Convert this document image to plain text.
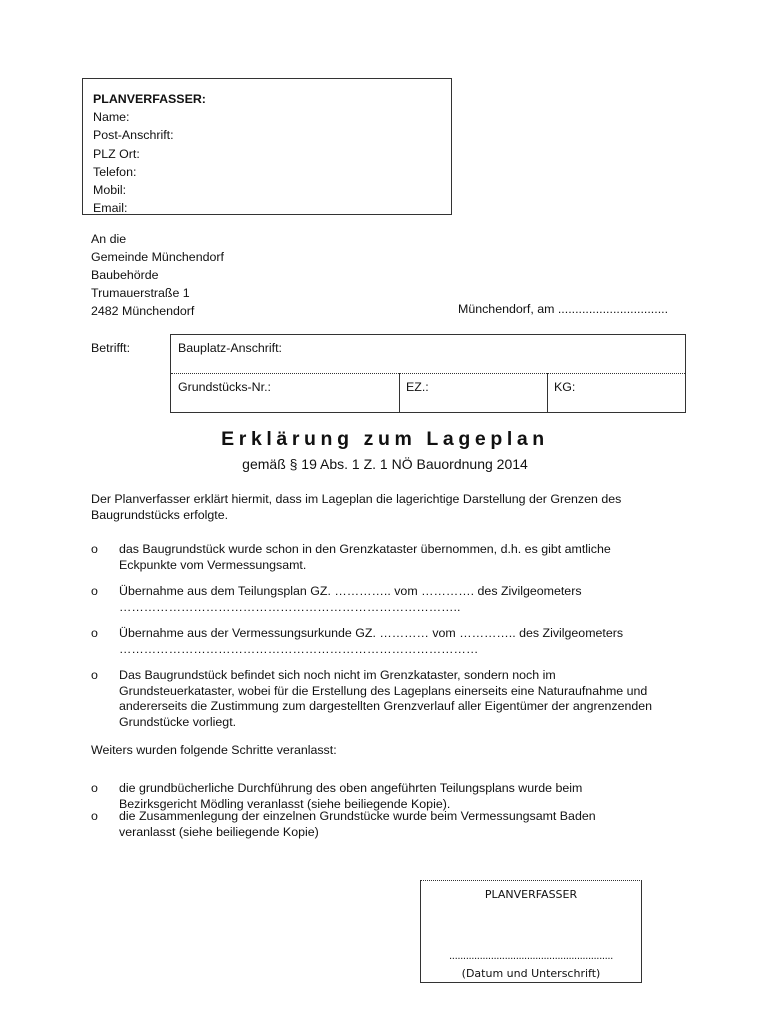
PLANVERFASSER:
Name:
Post-Anschrift:
PLZ Ort:
Telefon:
Mobil:
Email:
An die
Gemeinde Münchendorf
Baubehörde
Trumauerstraße 1
2482 Münchendorf	Münchendorf, am ................................
Betrifft:	Bauplatz-Anschrift:
Grundstücks-Nr.:	EZ.:	KG:
Erklärung zum Lageplan
gemäß § 19 Abs. 1 Z. 1 NÖ Bauordnung 2014
Der Planverfasser erklärt hiermit, dass im Lageplan die lagerichtige Darstellung der Grenzen des Baugrundstücks erfolgte.
o das Baugrundstück wurde schon in den Grenzkataster übernommen, d.h. es gibt amtliche
Eckpunkte vom Vermessungsamt.
o Übernahme aus dem Teilungsplan GZ. ………….. vom …………. des Zivilgeometers
………………………………………………………………………..
o Übernahme aus der Vermessungsurkunde GZ. ………… vom ………….. des Zivilgeometers
……………………………………………………………………………
o Das Baugrundstück befindet sich noch nicht im Grenzkataster, sondern noch im
Grundsteuerkataster, wobei für die Erstellung des Lageplans einerseits eine Naturaufnahme und
andererseits die Zustimmung zum dargestellten Grenzverlauf aller Eigentümer der angrenzenden
Grundstücke vorliegt.
Weiters wurden folgende Schritte veranlasst:
o die grundbücherliche Durchführung des oben angeführten Teilungsplans wurde beim
Bezirksgericht Mödling veranlasst (siehe beiliegende Kopie).
o die Zusammenlegung der einzelnen Grundstücke wurde beim Vermessungsamt Baden
veranlasst (siehe beiliegende Kopie)
PLANVERFASSER
...........................................................
(Datum und Unterschrift)
